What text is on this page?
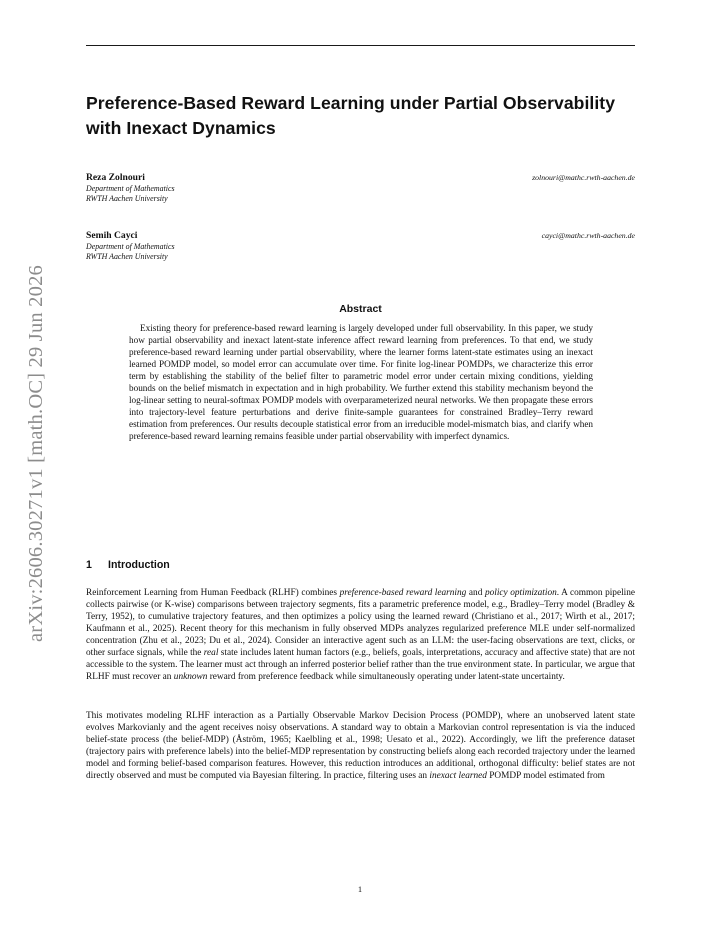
arXiv:2606.30271v1 [math.OC] 29 Jun 2026
Preference-Based Reward Learning under Partial Observability with Inexact Dynamics
Reza Zolnouri
Department of Mathematics
RWTH Aachen University
zolnouri@mathc.rwth-aachen.de
Semih Cayci
Department of Mathematics
RWTH Aachen University
cayci@mathc.rwth-aachen.de
Abstract

Existing theory for preference-based reward learning is largely developed under full observability. In this paper, we study how partial observability and inexact latent-state inference affect reward learning from preferences. To that end, we study preference-based reward learning under partial observability, where the learner forms latent-state estimates using an inexact learned POMDP model, so model error can accumulate over time. For finite log-linear POMDPs, we characterize this error term by establishing the stability of the belief filter to parametric model error under certain mixing conditions, yielding bounds on the belief mismatch in expectation and in high probability. We further extend this stability mechanism beyond the log-linear setting to neural-softmax POMDP models with overparameterized neural networks. We then propagate these errors into trajectory-level feature perturbations and derive finite-sample guarantees for constrained Bradley–Terry reward estimation from preferences. Our results decouple statistical error from an irreducible model-mismatch bias, and clarify when preference-based reward learning remains feasible under partial observability with imperfect dynamics.

1 Introduction

Reinforcement Learning from Human Feedback (RLHF) combines preference-based reward learning and policy optimization. A common pipeline collects pairwise (or K-wise) comparisons between trajectory segments, fits a parametric preference model, e.g., Bradley–Terry model (Bradley & Terry, 1952), to cumulative trajectory features, and then optimizes a policy using the learned reward (Christiano et al., 2017; Wirth et al., 2017; Kaufmann et al., 2025). Recent theory for this mechanism in fully observed MDPs analyzes regularized preference MLE under self-normalized concentration (Zhu et al., 2023; Du et al., 2024). Consider an interactive agent such as an LLM: the user-facing observations are text, clicks, or other surface signals, while the real state includes latent human factors (e.g., beliefs, goals, interpretations, accuracy and affective state) that are not accessible to the system. The learner must act through an inferred posterior belief rather than the true environment state. In particular, we argue that RLHF must recover an unknown reward from preference feedback while simultaneously operating under latent-state uncertainty.

This motivates modeling RLHF interaction as a Partially Observable Markov Decision Process (POMDP), where an unobserved latent state evolves Markovianly and the agent receives noisy observations. A standard way to obtain a Markovian control representation is via the induced belief-state process (the belief-MDP) (Åström, 1965; Kaelbling et al., 1998; Uesato et al., 2022). Accordingly, we lift the preference dataset (trajectory pairs with preference labels) into the belief-MDP representation by constructing beliefs along each recorded trajectory under the learned model and forming belief-based comparison features. However, this reduction introduces an additional, orthogonal difficulty: belief states are not directly observed and must be computed via Bayesian filtering. In practice, filtering uses an inexact learned POMDP model estimated from

1
